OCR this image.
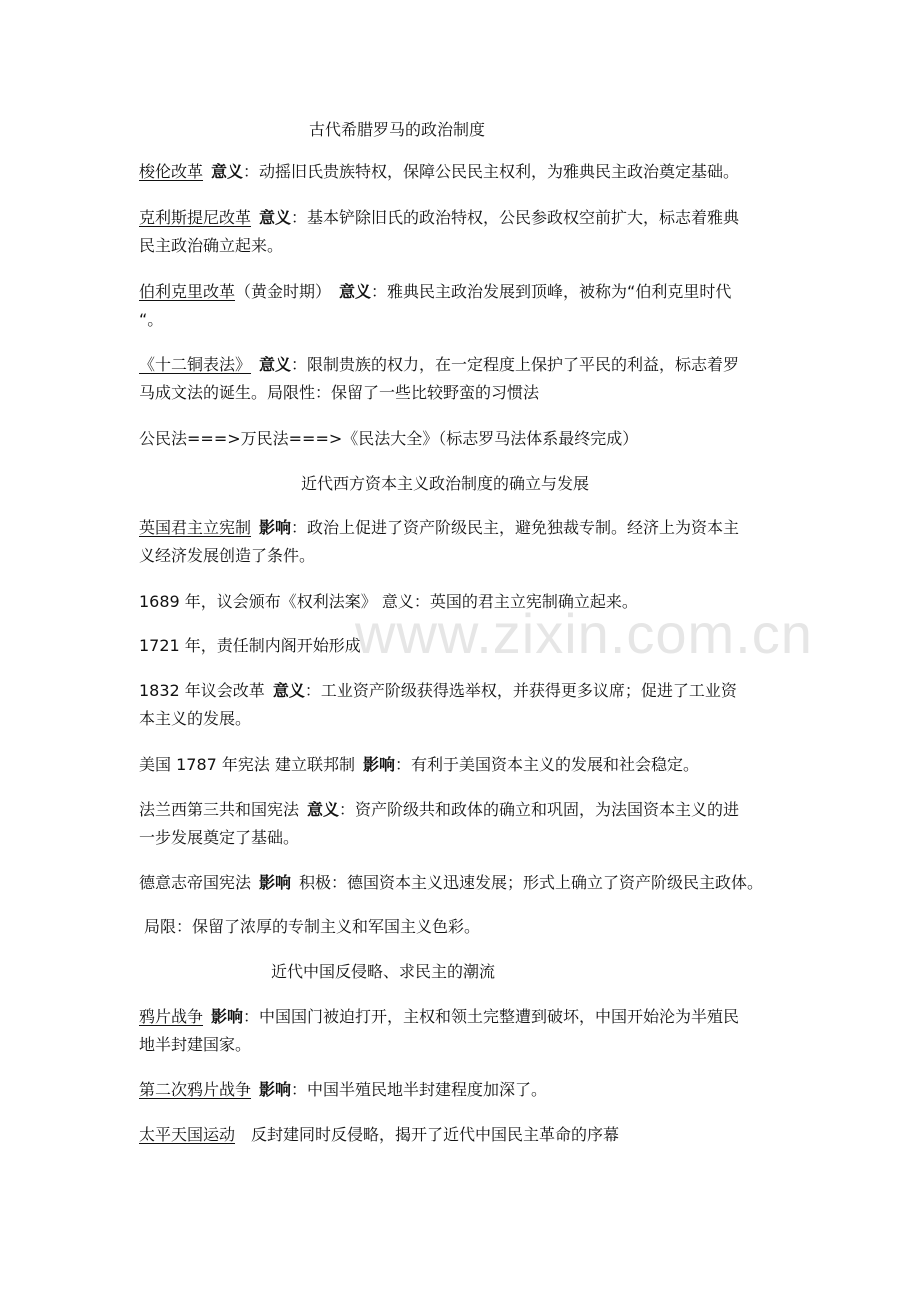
古代希腊罗马的政治制度
梭伦改革 意义：动摇旧氏贵族特权，保障公民民主权利，为雅典民主政治奠定基础。
克利斯提尼改革 意义：基本铲除旧氏的政治特权，公民参政权空前扩大，标志着雅典
民主政治确立起来。
伯利克里改革（黄金时期） 意义：雅典民主政治发展到顶峰，被称为“伯利克里时代
“。
《十二铜表法》 意义：限制贵族的权力，在一定程度上保护了平民的利益，标志着罗
马成文法的诞生。局限性：保留了一些比较野蛮的习惯法
公民法===>万民法===>《民法大全》（标志罗马法体系最终完成）
近代西方资本主义政治制度的确立与发展
英国君主立宪制 影响：政治上促进了资产阶级民主，避免独裁专制。经济上为资本主
义经济发展创造了条件。
1689 年，议会颁布《权利法案》 意义：英国的君主立宪制确立起来。
1721 年，责任制内阁开始形成
1832 年议会改革 意义：工业资产阶级获得选举权，并获得更多议席；促进了工业资
本主义的发展。
美国 1787 年宪法 建立联邦制 影响：有利于美国资本主义的发展和社会稳定。
法兰西第三共和国宪法 意义：资产阶级共和政体的确立和巩固，为法国资本主义的进
一步发展奠定了基础。
德意志帝国宪法 影响 积极：德国资本主义迅速发展；形式上确立了资产阶级民主政体。
局限：保留了浓厚的专制主义和军国主义色彩。
近代中国反侵略、求民主的潮流
鸦片战争 影响：中国国门被迫打开，主权和领土完整遭到破坏，中国开始沦为半殖民
地半封建国家。
第二次鸦片战争 影响：中国半殖民地半封建程度加深了。
太平天国运动 反封建同时反侵略，揭开了近代中国民主革命的序幕
www.zixin.com.cn
